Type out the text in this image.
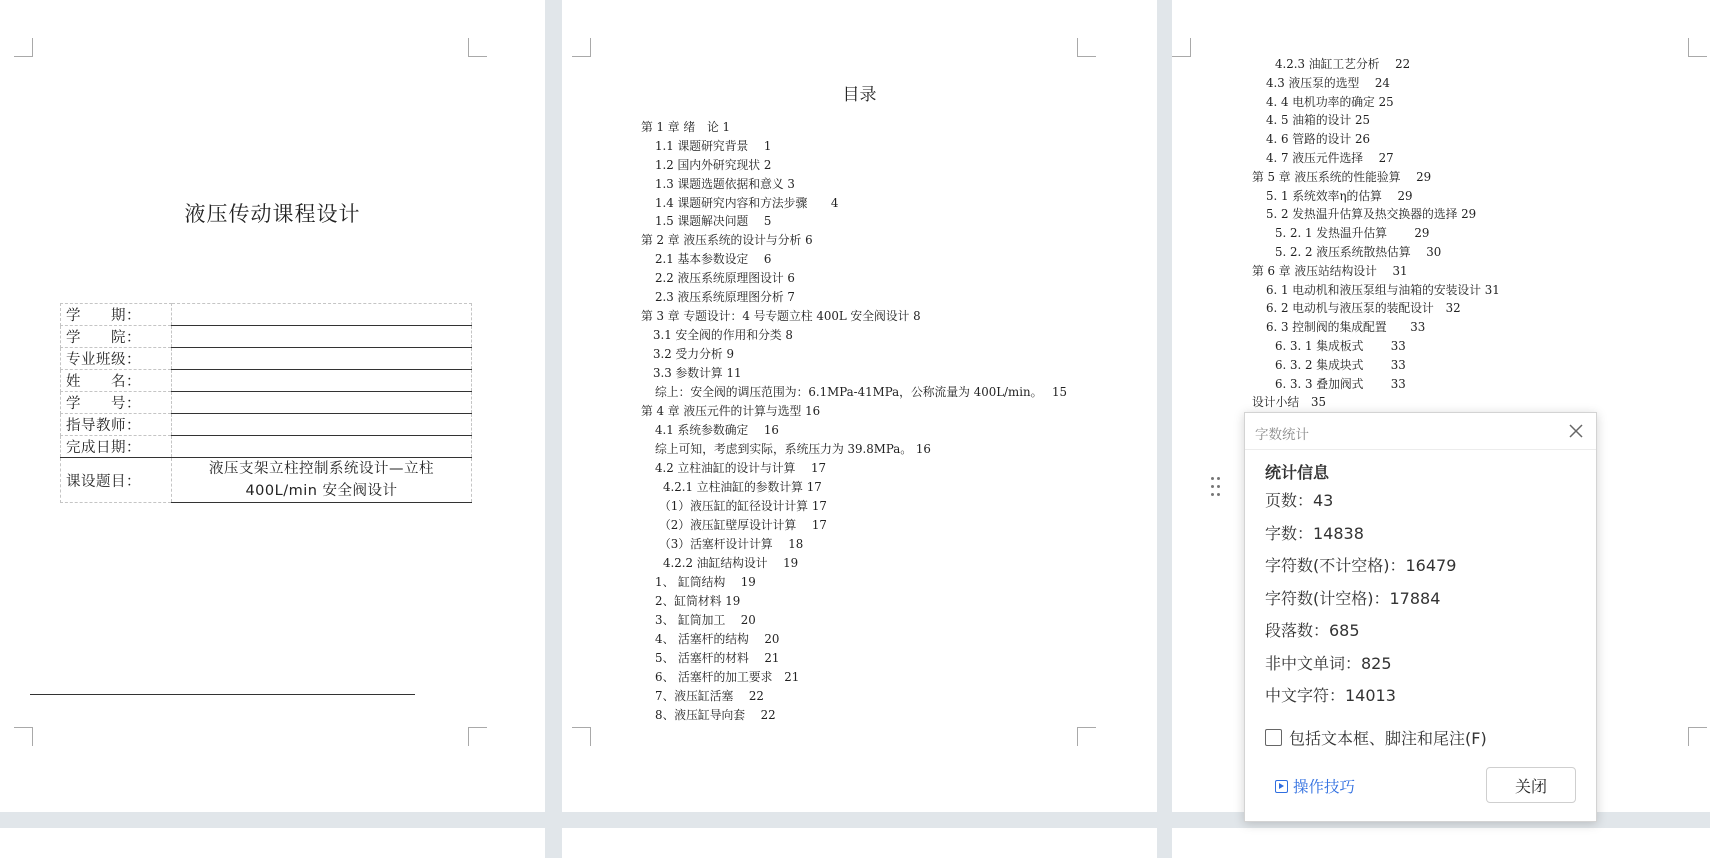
液压传动课程设计
学　　期：	
学　　院：	
专业班级：	
姓　　名：	
学　　号：	
指导教师：	
完成日期：	
课设题目：	液压支架立柱控制系统设计—立柱
400L/min 安全阀设计
目录
第 1 章 绪　论 1
1.1 课题研究背景　 1
1.2 国内外研究现状 2
1.3 课题选题依据和意义 3
1.4 课题研究内容和方法步骤　　4
1.5 课题解决问题　 5
第 2 章 液压系统的设计与分析 6
2.1 基本参数设定　 6
2.2 液压系统原理图设计 6
2.3 液压系统原理图分析 7
第 3 章 专题设计：4 号专题立柱 400L 安全阀设计 8
3.1 安全阀的作用和分类 8
3.2 受力分析 9
3.3 参数计算 11
综上：安全阀的调压范围为：6.1MPa-41MPa，公称流量为 400L/min。　 15
第 4 章 液压元件的计算与选型 16
4.1 系统参数确定　 16
综上可知，考虑到实际，系统压力为 39.8MPa。 16
4.2 立柱油缸的设计与计算　 17
4.2.1 立柱油缸的参数计算 17
（1）液压缸的缸径设计计算 17
（2）液压缸壁厚设计计算　 17
（3）活塞杆设计计算　 18
4.2.2 油缸结构设计　 19
1、 缸筒结构　 19
2、缸筒材料 19
3、 缸筒加工　 20
4、 活塞杆的结构　 20
5、 活塞杆的材料　 21
6、 活塞杆的加工要求　21
7、液压缸活塞　 22
8、液压缸导向套　 22
4.2.3 油缸工艺分析　 22
4.3 液压泵的选型　 24
4. 4 电机功率的确定 25
4. 5 油箱的设计 25
4. 6 管路的设计 26
4. 7 液压元件选择　 27
第 5 章 液压系统的性能验算　 29
5. 1 系统效率η的估算　 29
5. 2 发热温升估算及热交换器的选择 29
5. 2. 1 发热温升估算　　 29
5. 2. 2 液压系统散热估算　 30
第 6 章 液压站结构设计　 31
6. 1 电动机和液压泵组与油箱的安装设计 31
6. 2 电动机与液压泵的装配设计　32
6. 3 控制阀的集成配置　　33
6. 3. 1 集成板式　　 33
6. 3. 2 集成块式　　 33
6. 3. 3 叠加阀式　　 33
设计小结　35
字数统计
统计信息
页数：43
字数：14838
字符数(不计空格)：16479
字符数(计空格)：17884
段落数：685
非中文单词：825
中文字符：14013
包括文本框、脚注和尾注(F)
操作技巧	关闭
